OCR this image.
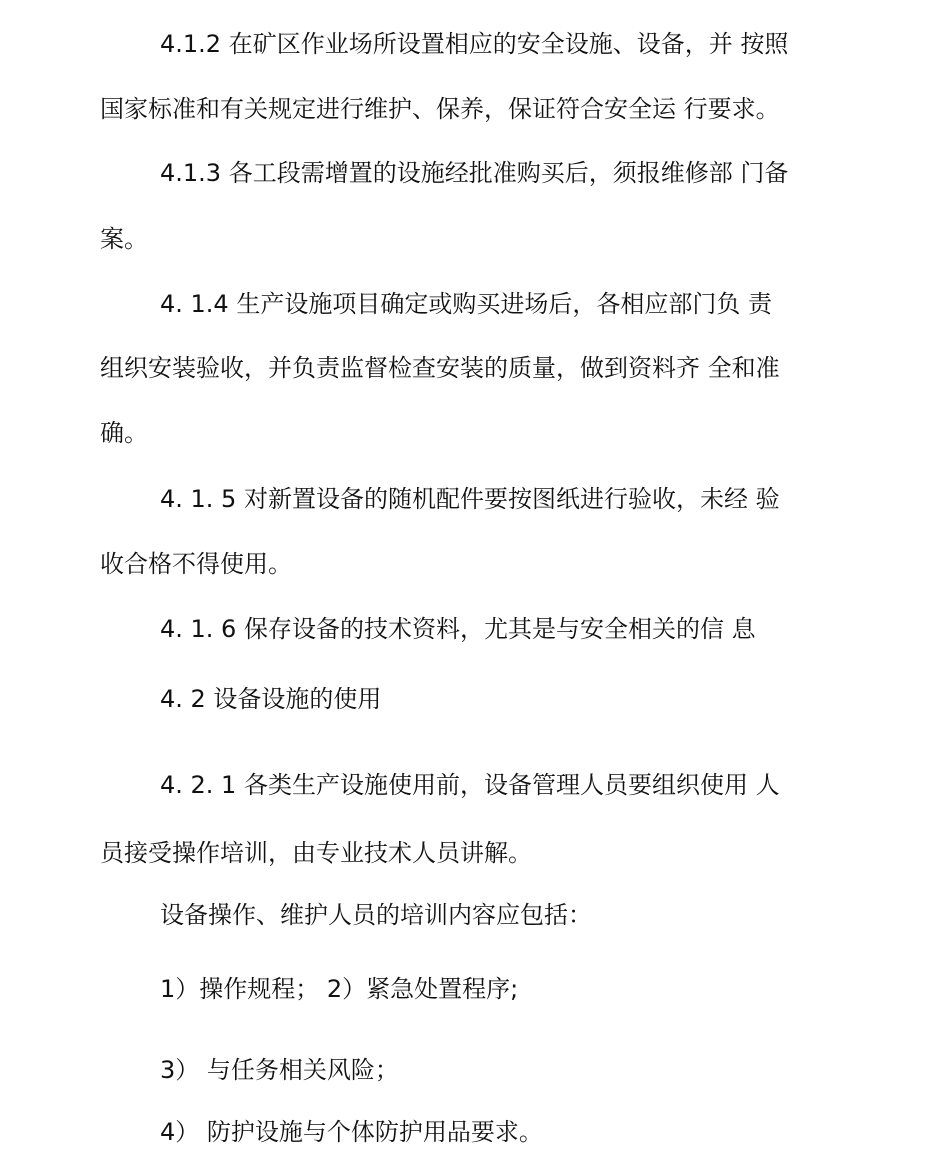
4.1.2 在矿区作业场所设置相应的安全设施、设备，并 按照

国家标准和有关规定进行维护、保养，保证符合安全运 行要求。

4.1.3 各工段需增置的设施经批准购买后，须报维修部 门备

案。

4. 1.4 生产设施项目确定或购买进场后，各相应部门负 责

组织安装验收，并负责监督检查安装的质量，做到资料齐 全和准

确。

4. 1. 5 对新置设备的随机配件要按图纸进行验收，未经 验

收合格不得使用。

4. 1. 6 保存设备的技术资料，尤其是与安全相关的信 息

4. 2 设备设施的使用

4. 2. 1 各类生产设施使用前，设备管理人员要组织使用 人

员接受操作培训，由专业技术人员讲解。

设备操作、维护人员的培训内容应包括：

1）操作规程； 2）紧急处置程序;

3） 与任务相关风险；

4） 防护设施与个体防护用品要求。
